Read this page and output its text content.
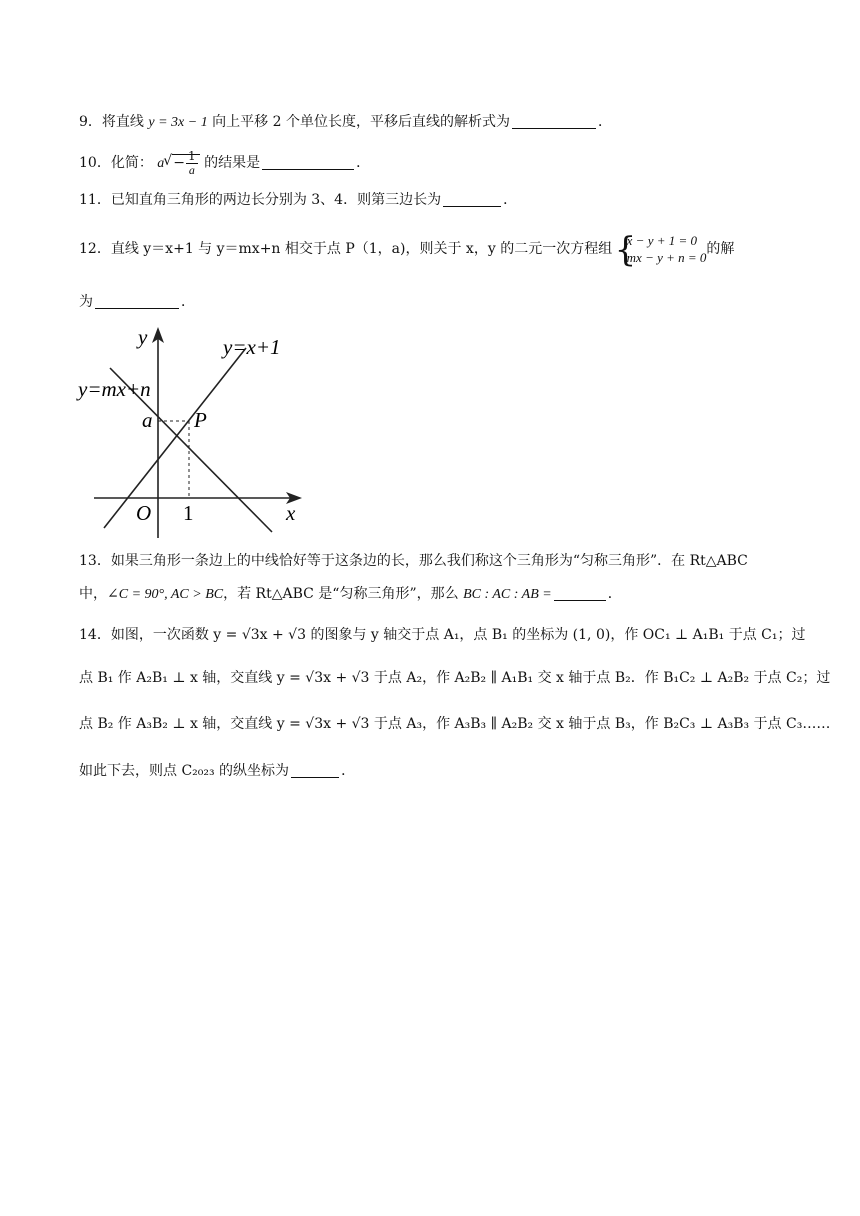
9．将直线 y = 3x − 1 向上平移 2 个单位长度，平移后直线的解析式为	．
10．化简： $a√ - \frac{1}{a}$ 的结果是	．
11．已知直角三角形的两边长分别为 3、4．则第三边长为	．
12．直线 y＝x+1 与 y＝mx+n 相交于点 P（1，a)，则关于 x，y 的二元一次方程组
{ x − y + 1 = 0
mx − y + n = 0
的解
为	．
y
x
y=x+1
y=mx+n
a P
O 1
13．如果三角形一条边上的中线恰好等于这条边的长，那么我们称这个三角形为“匀称三角形”．在 Rt△ABC
中，∠C = 90°, AC > BC，若 Rt△ABC 是“匀称三角形”，那么 BC : AC : AB =	．
14．如图，一次函数 y = √3x + √3 的图象与 y 轴交于点 A₁，点 B₁ 的坐标为 (1, 0)，作 OC₁ ⊥ A₁B₁ 于点 C₁；过
点 B₁ 作 A₂B₁ ⊥ x 轴，交直线 y = √3x + √3 于点 A₂，作 A₂B₂ ∥ A₁B₁ 交 x 轴于点 B₂．作 B₁C₂ ⊥ A₂B₂ 于点 C₂；过
点 B₂ 作 A₃B₂ ⊥ x 轴，交直线 y = √3x + √3 于点 A₃，作 A₃B₃ ∥ A₂B₂ 交 x 轴于点 B₃，作 B₂C₃ ⊥ A₃B₃ 于点 C₃……
如此下去，则点 C₂₀₂₃ 的纵坐标为	．
